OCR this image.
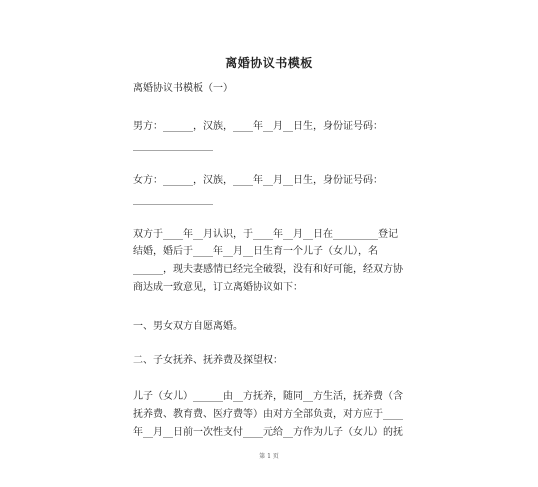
离婚协议书模板
离婚协议书模板（一）
男方：______，汉族，____年__月__日生，身份证号码：
________________
女方：______，汉族，____年__月__日生，身份证号码：
________________
双方于____年__月认识，于____年__月__日在_________登记
结婚，婚后于____年__月__日生育一个儿子（女儿），名
______，现夫妻感情已经完全破裂，没有和好可能，经双方协
商达成一致意见，订立离婚协议如下：
一、男女双方自愿离婚。
二、子女抚养、抚养费及探望权：
儿子（女儿）______由__方抚养，随同__方生活，抚养费（含
抚养费、教育费、医疗费等）由对方全部负责，对方应于____
年__月__日前一次性支付____元给__方作为儿子（女儿）的抚
第 1 页
